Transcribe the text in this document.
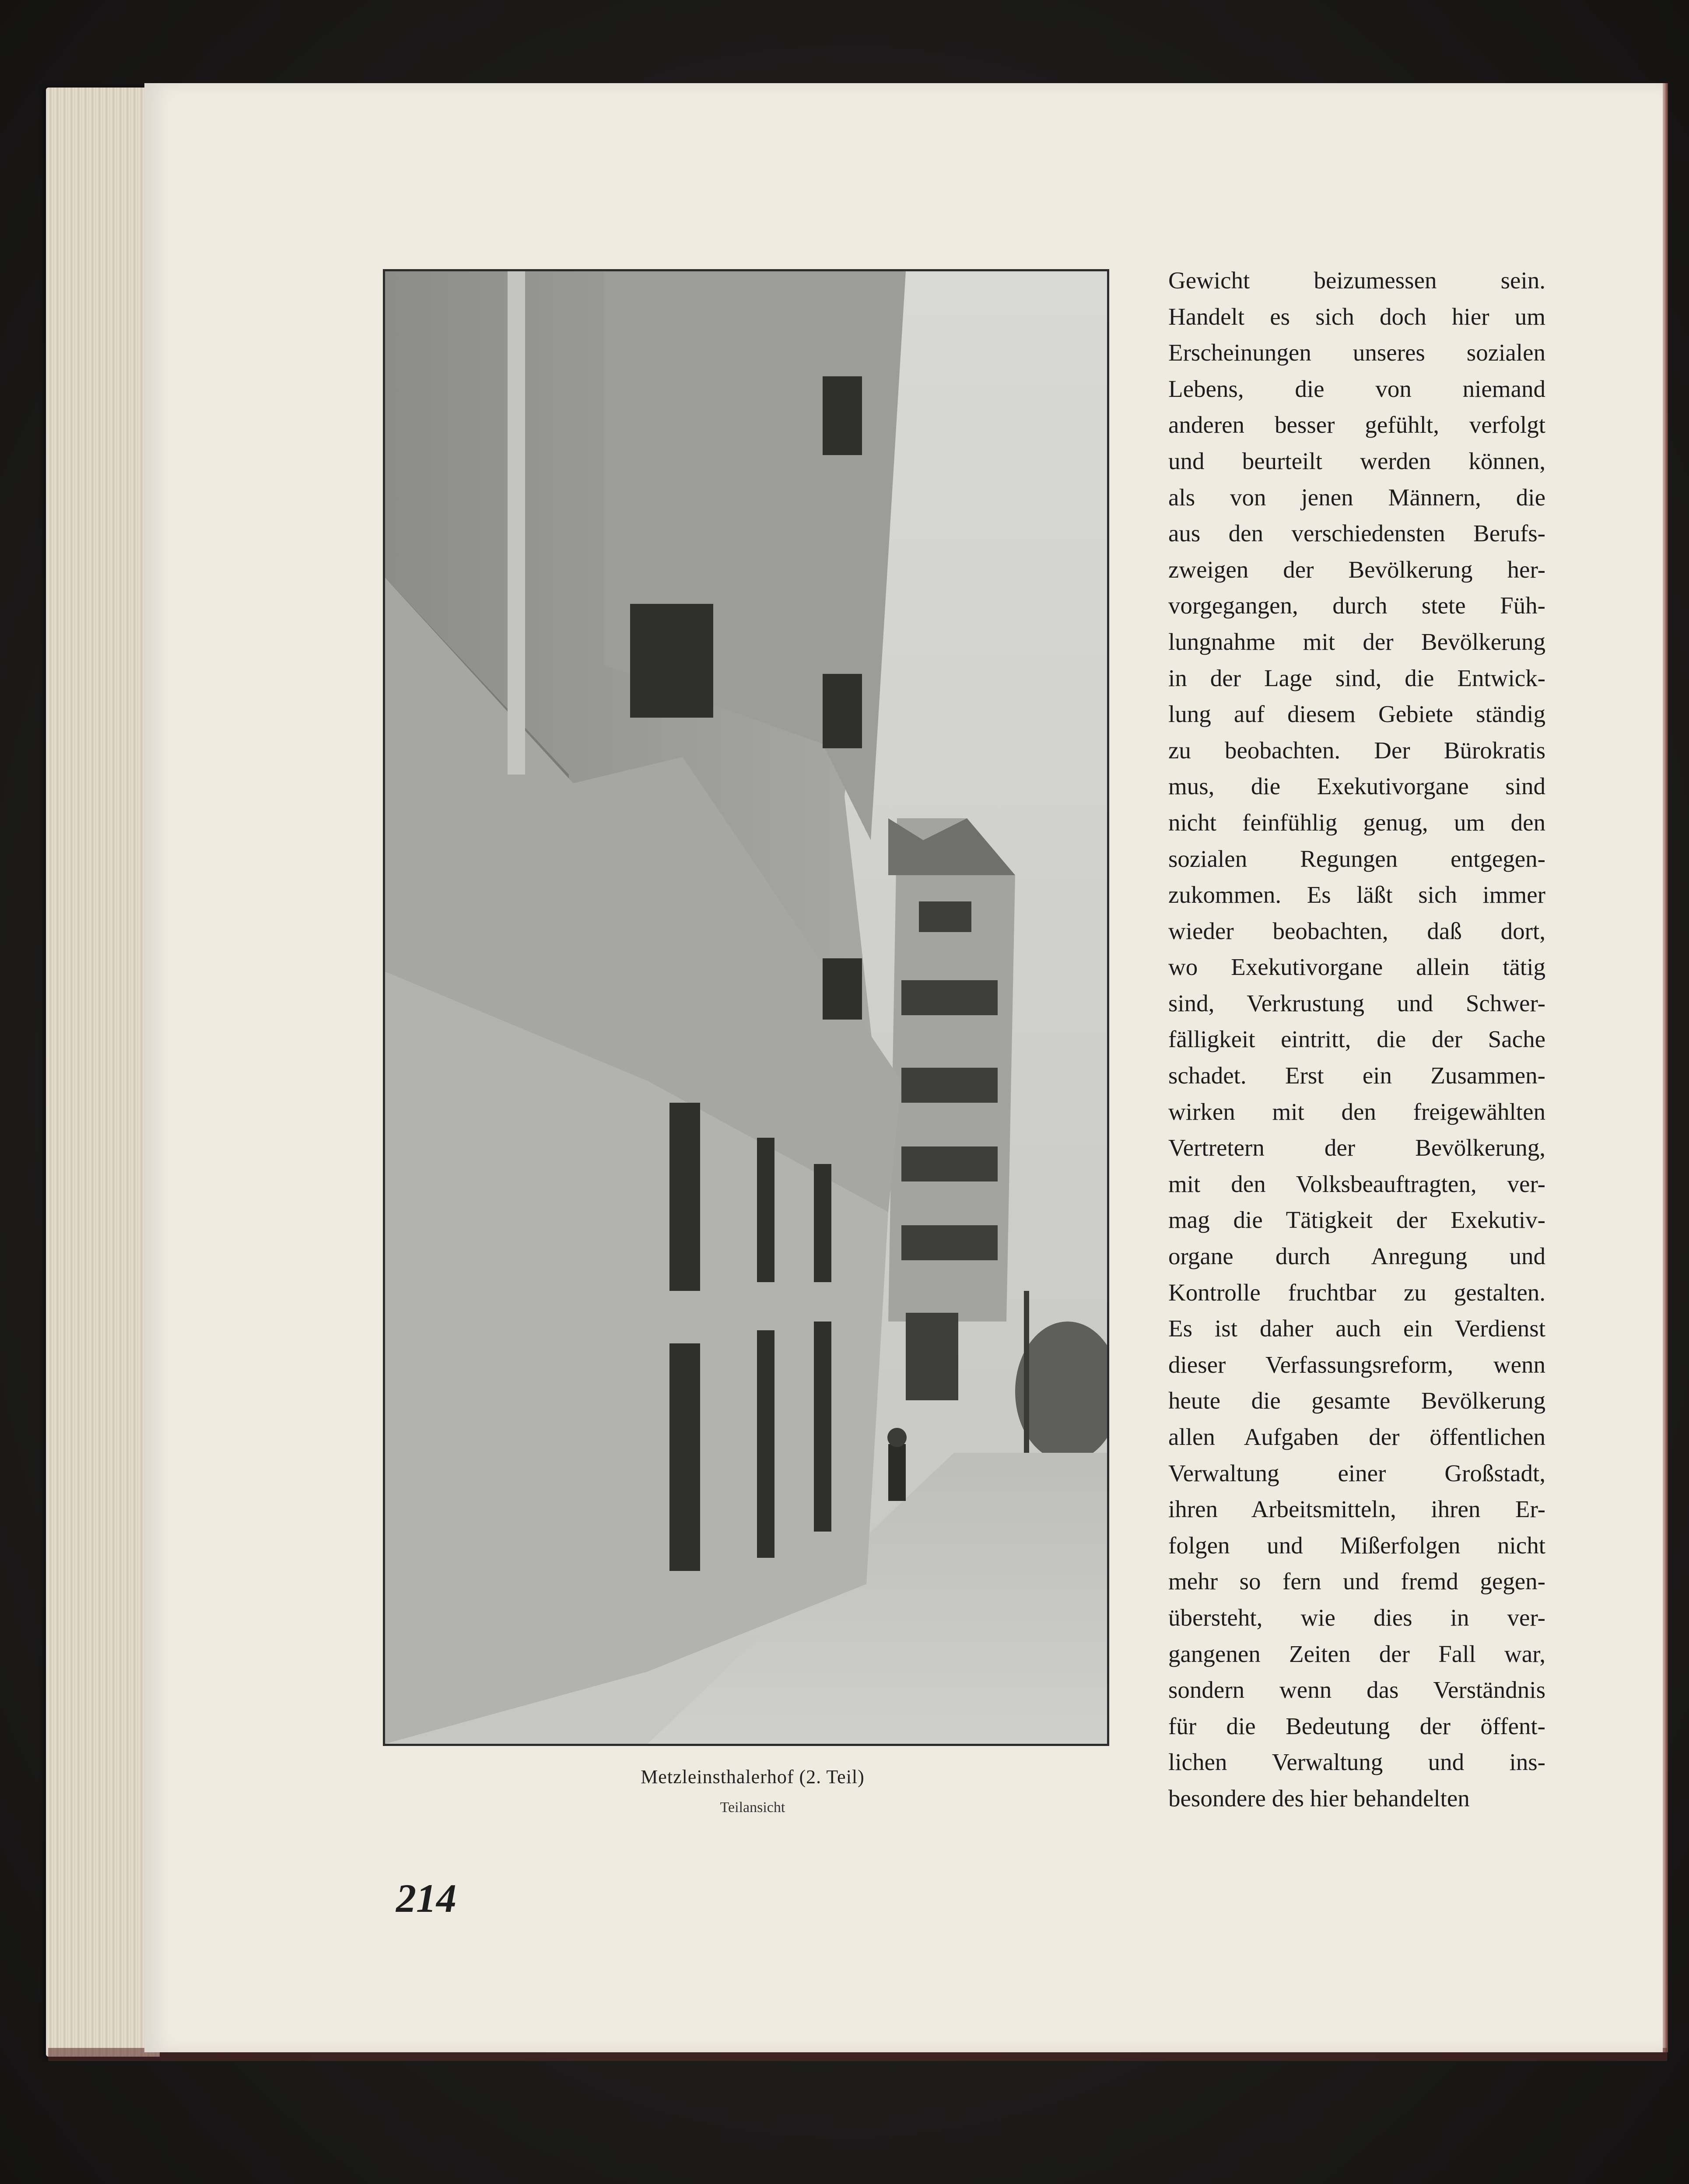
Metzleinsthalerhof (2. Teil)
Teilansicht
214
Gewicht beizumessen sein.
Handelt es sich doch hier um
Erscheinungen unseres sozialen
Lebens, die von niemand
anderen besser gefühlt, verfolgt
und beurteilt werden können,
als von jenen Männern, die
aus den verschiedensten Berufs-
zweigen der Bevölkerung her-
vorgegangen, durch stete Füh-
lungnahme mit der Bevölkerung
in der Lage sind, die Entwick-
lung auf diesem Gebiete ständig
zu beobachten. Der Bürokratis
mus, die Exekutivorgane sind
nicht feinfühlig genug, um den
sozialen Regungen entgegen-
zukommen. Es läßt sich immer
wieder beobachten, daß dort,
wo Exekutivorgane allein tätig
sind, Verkrustung und Schwer-
fälligkeit eintritt, die der Sache
schadet. Erst ein Zusammen-
wirken mit den freigewählten
Vertretern der Bevölkerung,
mit den Volksbeauftragten, ver-
mag die Tätigkeit der Exekutiv-
organe durch Anregung und
Kontrolle fruchtbar zu gestalten.
Es ist daher auch ein Verdienst
dieser Verfassungsreform, wenn
heute die gesamte Bevölkerung
allen Aufgaben der öffentlichen
Verwaltung einer Großstadt,
ihren Arbeitsmitteln, ihren Er-
folgen und Mißerfolgen nicht
mehr so fern und fremd gegen-
übersteht, wie dies in ver-
gangenen Zeiten der Fall war,
sondern wenn das Verständnis
für die Bedeutung der öffent-
lichen Verwaltung und ins-
besondere des hier behandelten
